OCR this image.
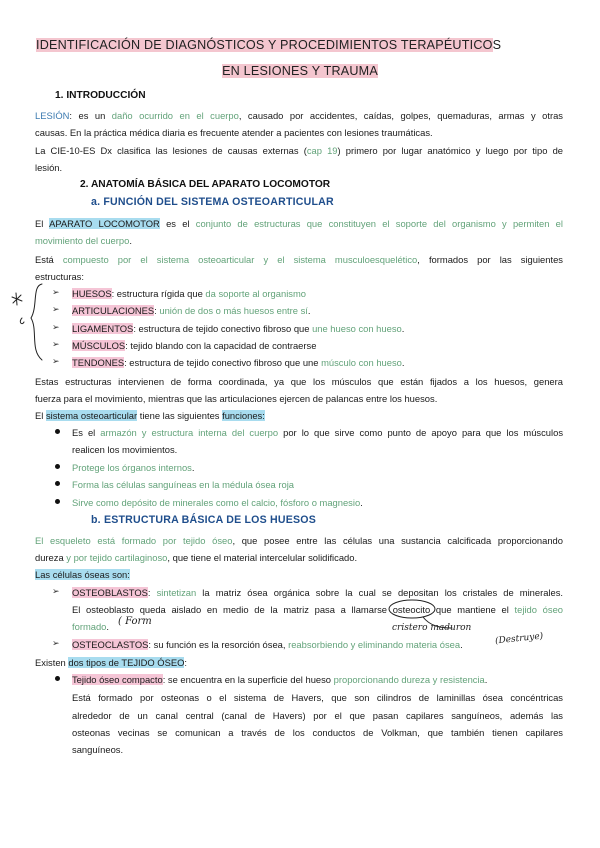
IDENTIFICACIÓN DE DIAGNÓSTICOS Y PROCEDIMIENTOS TERAPÉUTICOS
EN LESIONES Y TRAUMA
1. INTRODUCCIÓN
LESIÓN: es un daño ocurrido en el cuerpo, causado por accidentes, caídas, golpes, quemaduras, armas y otras
causas. En la práctica médica diaria es frecuente atender a pacientes con lesiones traumáticas.
La CIE-10-ES Dx clasifica las lesiones de causas externas (cap 19) primero por lugar anatómico y luego por tipo de
lesión.
2. ANATOMÍA BÁSICA DEL APARATO LOCOMOTOR
a. FUNCIÓN DEL SISTEMA OSTEOARTICULAR
El APARATO LOCOMOTOR es el conjunto de estructuras que constituyen el soporte del organismo y permiten el
movimiento del cuerpo.
Está compuesto por el sistema osteoarticular y el sistema musculoesquelético, formados por las siguientes
estructuras:
➢ HUESOS: estructura rígida que da soporte al organismo
➢ ARTICULACIONES: unión de dos o más huesos entre sí.
➢ LIGAMENTOS: estructura de tejido conectivo fibroso que une hueso con hueso.
➢ MÚSCULOS: tejido blando con la capacidad de contraerse
➢ TENDONES: estructura de tejido conectivo fibroso que une músculo con hueso.
Estas estructuras intervienen de forma coordinada, ya que los músculos que están fijados a los huesos, genera
fuerza para el movimiento, mientras que las articulaciones ejercen de palancas entre los huesos.
El sistema osteoarticular tiene las siguientes funciones:
Es el armazón y estructura interna del cuerpo por lo que sirve como punto de apoyo para que los músculos
realicen los movimientos.
Protege los órganos internos.
Forma las células sanguíneas en la médula ósea roja
Sirve como depósito de minerales como el calcio, fósforo o magnesio.
b. ESTRUCTURA BÁSICA DE LOS HUESOS
El esqueleto está formado por tejido óseo, que posee entre las células una sustancia calcificada proporcionando
dureza y por tejido cartilaginoso, que tiene el material intercelular solidificado.
Las células óseas son:
➢ OSTEOBLASTOS: sintetizan la matriz ósea orgánica sobre la cual se depositan los cristales de minerales.
El osteoblasto queda aislado en medio de la matriz pasa a llamarse osteocito que mantiene el tejido óseo
formado.
➢ OSTEOCLASTOS: su función es la resorción ósea, reabsorbiendo y eliminando materia ósea.
Existen dos tipos de TEJIDO ÓSEO:
Tejido óseo compacto: se encuentra en la superficie del hueso proporcionando dureza y resistencia.
Está formado por osteonas o el sistema de Havers, que son cilindros de laminillas ósea concéntricas
alrededor de un canal central (canal de Havers) por el que pasan capilares sanguíneos, además las
osteonas vecinas se comunican a través de los conductos de Volkman, que también tienen capilares
sanguíneos.
( Form
cristero maduron
(Destruye)
